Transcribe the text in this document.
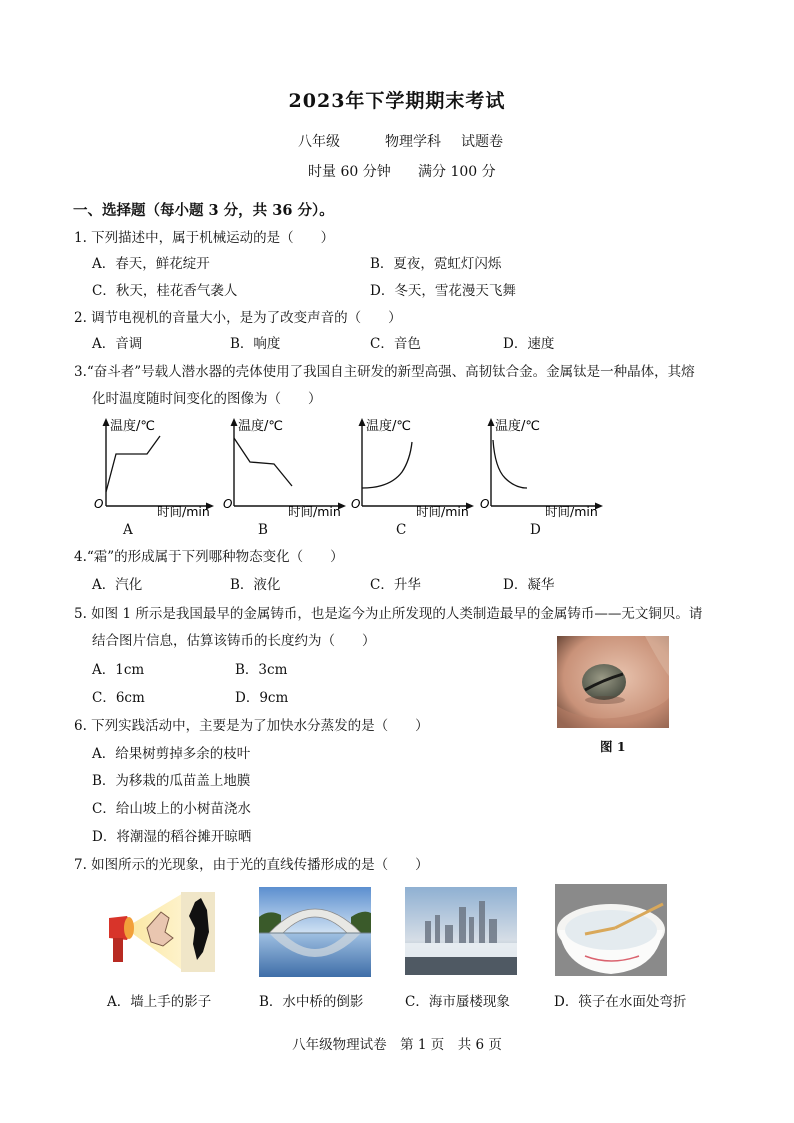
2023年下学期期末考试
八年级	物理学科 试题卷
时量 60 分钟 满分 100 分
一、选择题（每小题 3 分，共 36 分）。
1. 下列描述中，属于机械运动的是（　　）
A．春天，鲜花绽开	B．夏夜，霓虹灯闪烁
C．秋天，桂花香气袭人	D．冬天，雪花漫天飞舞
2. 调节电视机的音量大小，是为了改变声音的（　　）
A．音调	B．响度	C．音色	D．速度
3.“奋斗者”号载人潜水器的壳体使用了我国自主研发的新型高强、高韧钛合金。金属钛是一种晶体，其熔
化时温度随时间变化的图像为（　　）
温度/℃
O	时间/min
A
温度/℃
O	时间/min
B
温度/℃
O	时间/min
C
温度/℃
O	时间/min
D
4.“霜”的形成属于下列哪种物态变化（　　）
A．汽化	B．液化	C．升华	D．凝华
5. 如图 1 所示是我国最早的金属铸币，也是迄今为止所发现的人类制造最早的金属铸币——无文铜贝。请
结合图片信息，估算该铸币的长度约为（　　）
A．1cm	B．3cm
C．6cm	D．9cm
图 1
6. 下列实践活动中，主要是为了加快水分蒸发的是（　　）
A．给果树剪掉多余的枝叶
B．为移栽的瓜苗盖上地膜
C．给山坡上的小树苗浇水
D．将潮湿的稻谷摊开晾晒
7. 如图所示的光现象，由于光的直线传播形成的是（　　）
A．墙上手的影子	B．水中桥的倒影	C．海市蜃楼现象	D．筷子在水面处弯折
八年级物理试卷　第 1 页　共 6 页
